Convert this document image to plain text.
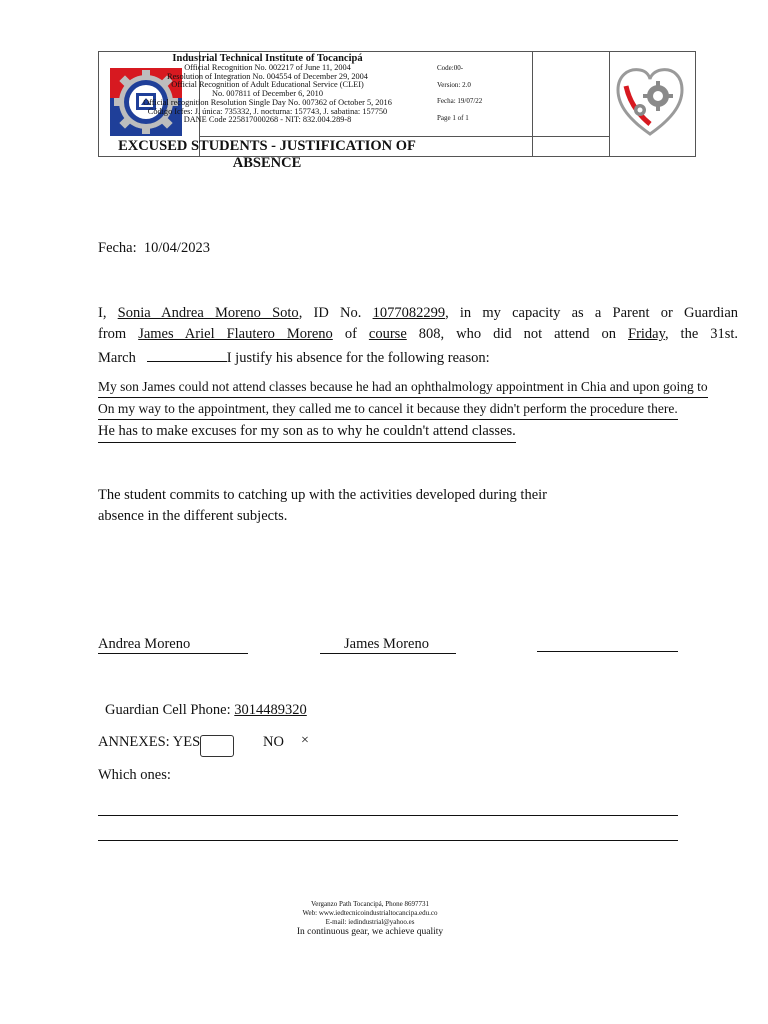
Industrial Technical Institute of Tocancipá
Official Recognition No. 002217 of June 11, 2004
Resolution of Integration No. 004554 of December 29, 2004
Official Recognition of Adult Educational Service (CLEI)
No. 007811 of December 6, 2010
Official recognition Resolution Single Day No. 007362 of October 5, 2016
Código Icfes: J. única: 735332, J. nocturna: 157743, J. sabatina: 157750
DANE Code 225817000268 - NIT: 832.004.289-8
EXCUSED STUDENTS - JUSTIFICATION OF ABSENCE
Code:00-
Version: 2.0
Fecha: 19/07/22
Page 1 of 1
Fecha: 10/04/2023
I, Sonia Andrea Moreno Soto, ID No. 1077082299, in my capacity as a Parent or Guardian
from James Ariel Flautero Moreno of course 808, who did not attend on Friday, the 31st.
March	I justify his absence for the following reason:
My son James could not attend classes because he had an ophthalmology appointment in Chia and upon going to
On my way to the appointment, they called me to cancel it because they didn't perform the procedure there.
He has to make excuses for my son as to why he couldn't attend classes.
The student commits to catching up with the activities developed during their
absence in the different subjects.
Andrea Moreno	James Moreno
Guardian Cell Phone: 3014489320
ANNEXES: YES	NO ×
Which ones:
Verganzo Path Tocancipá, Phone 8697731
Web: www.iedtecnicoindustrialtocancipa.edu.co
E-mail: iedindustrial@yahoo.es
In continuous gear, we achieve quality
